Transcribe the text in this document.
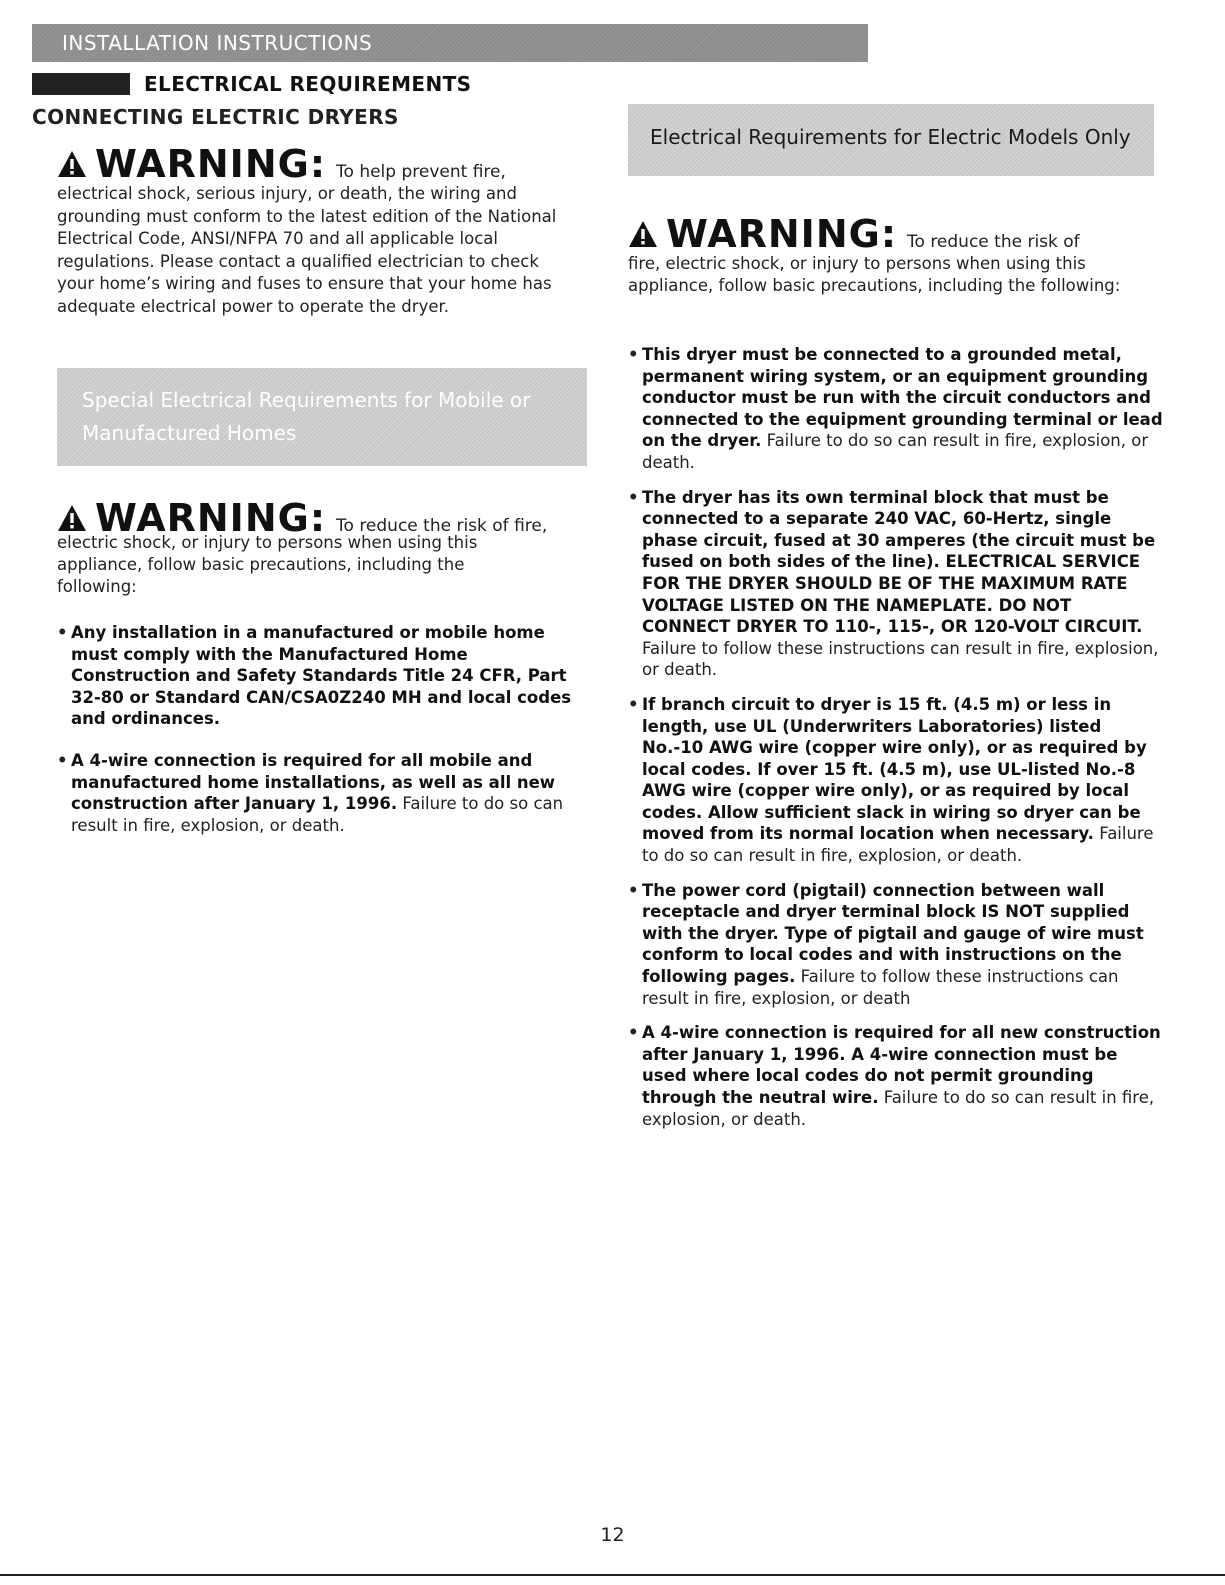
INSTALLATION INSTRUCTIONS
ELECTRICAL REQUIREMENTS
CONNECTING ELECTRIC DRYERS
WARNING: To help prevent fire,
electrical shock, serious injury, or death, the wiring and grounding must conform to the latest edition of the National Electrical Code, ANSI/NFPA 70 and all applicable local regulations. Please contact a qualified electrician to check your home’s wiring and fuses to ensure that your home has adequate electrical power to operate the dryer.
Special Electrical Requirements for Mobile or Manufactured Homes
WARNING: To reduce the risk of fire,
electric shock, or injury to persons when using this appliance, follow basic precautions, including the following:
• Any installation in a manufactured or mobile home must comply with the Manufactured Home Construction and Safety Standards Title 24 CFR, Part 32-80 or Standard CAN/CSA0Z240 MH and local codes and ordinances.
• A 4-wire connection is required for all mobile and manufactured home installations, as well as all new construction after January 1, 1996. Failure to do so can result in fire, explosion, or death.
Electrical Requirements for Electric Models Only
WARNING: To reduce the risk of
fire, electric shock, or injury to persons when using this appliance, follow basic precautions, including the following:
• This dryer must be connected to a grounded metal, permanent wiring system, or an equipment grounding conductor must be run with the circuit conductors and connected to the equipment grounding terminal or lead on the dryer. Failure to do so can result in fire, explosion, or death.
• The dryer has its own terminal block that must be connected to a separate 240 VAC, 60-Hertz, single phase circuit, fused at 30 amperes (the circuit must be fused on both sides of the line). ELECTRICAL SERVICE FOR THE DRYER SHOULD BE OF THE MAXIMUM RATE VOLTAGE LISTED ON THE NAMEPLATE. DO NOT CONNECT DRYER TO 110-, 115-, OR 120-VOLT CIRCUIT. Failure to follow these instructions can result in fire, explosion, or death.
• If branch circuit to dryer is 15 ft. (4.5 m) or less in length, use UL (Underwriters Laboratories) listed No.-10 AWG wire (copper wire only), or as required by local codes. If over 15 ft. (4.5 m), use UL-listed No.-8 AWG wire (copper wire only), or as required by local codes. Allow sufficient slack in wiring so dryer can be moved from its normal location when necessary. Failure to do so can result in fire, explosion, or death.
• The power cord (pigtail) connection between wall receptacle and dryer terminal block IS NOT supplied with the dryer. Type of pigtail and gauge of wire must conform to local codes and with instructions on the following pages. Failure to follow these instructions can result in fire, explosion, or death
• A 4-wire connection is required for all new construction after January 1, 1996. A 4-wire connection must be used where local codes do not permit grounding through the neutral wire. Failure to do so can result in fire, explosion, or death.
12
